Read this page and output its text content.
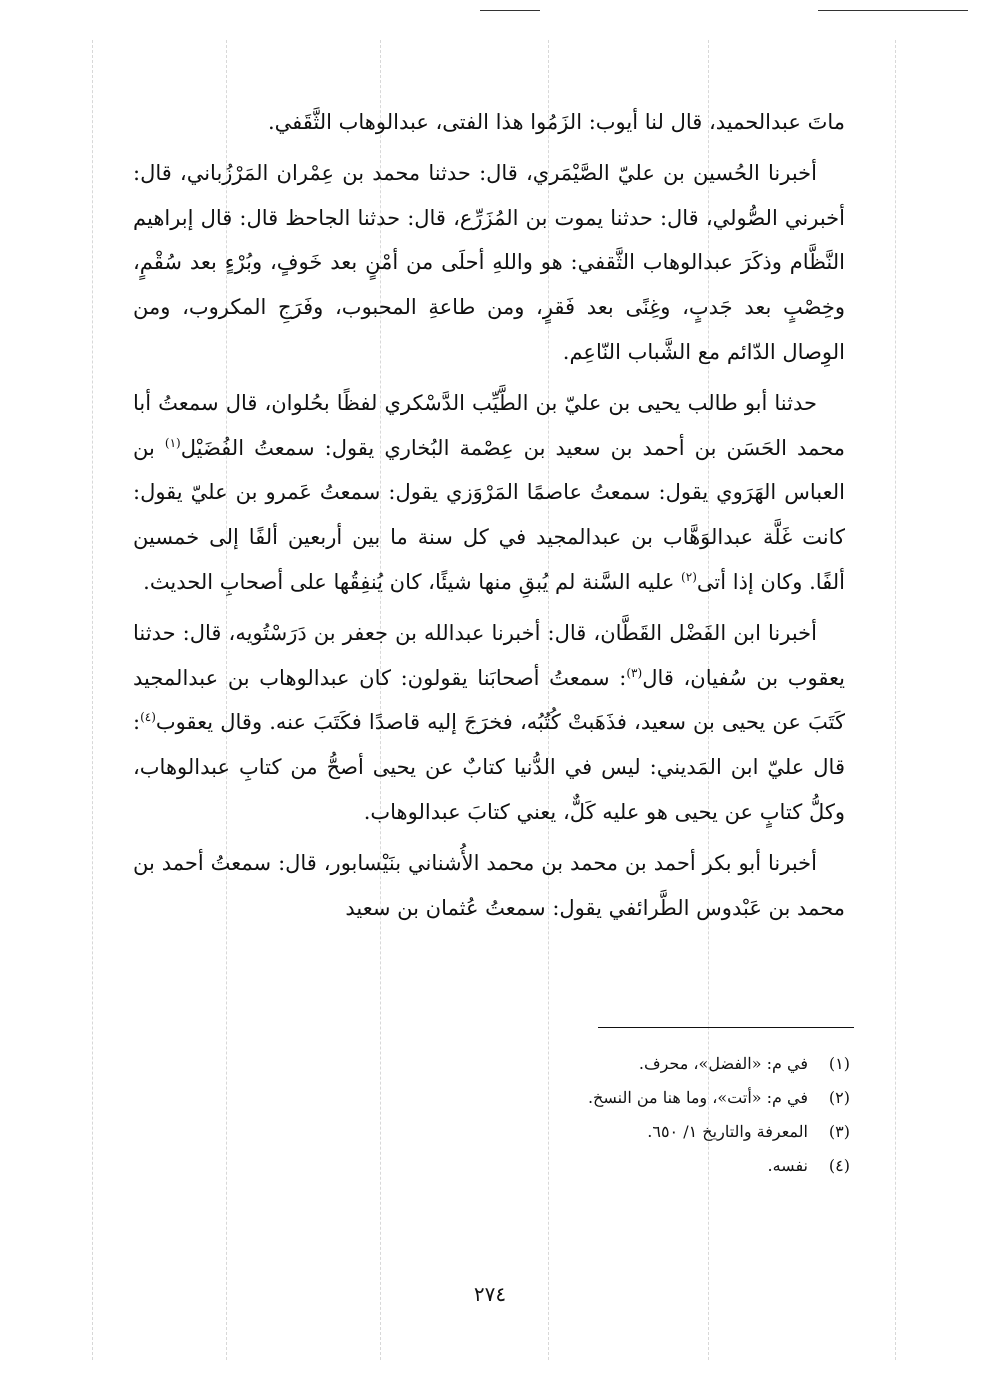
ماتَ عبدالحميد، قال لنا أيوب: الزَمُوا هذا الفتى، عبدالوهاب الثَّقَفي.

أخبرنا الحُسين بن عليّ الصَّيْمَري، قال: حدثنا محمد بن عِمْران المَرْزُباني، قال: أخبرني الصُّولي، قال: حدثنا يموت بن المُزَرِّع، قال: حدثنا الجاحظ قال: قال إبراهيم النَّظَّام وذكَرَ عبدالوهاب الثَّقفي: هو واللهِ أحلَى من أمْنٍ بعد خَوفٍ، وبُرْءٍ بعد سُقْمٍ، وخِصْبٍ بعد جَدبٍ، وغِنًى بعد فَقرٍ، ومن طاعةِ المحبوب، وفَرَجِ المكروب، ومن الوِصال الدّائم مع الشَّباب النّاعِم.

حدثنا أبو طالب يحيى بن عليّ بن الطَّيِّب الدَّسْكري لفظًا بحُلوان، قال سمعتُ أبا محمد الحَسَن بن أحمد بن سعيد بن عِصْمة البُخاري يقول: سمعتُ الفُضَيْل$^{(١)}$ بن العباس الهَرَوي يقول: سمعتُ عاصمًا المَرْوَزي يقول: سمعتُ عَمرو بن عليّ يقول: كانت غَلَّة عبدالوَهَّاب بن عبدالمجيد في كل سنة ما بين أربعين ألفًا إلى خمسين ألفًا. وكان إذا أتى$^{(٢)}$ عليه السَّنة لم يُبقِ منها شيئًا، كان يُنفِقُها على أصحابِ الحديث.

أخبرنا ابن الفَضْل القَطَّان، قال: أخبرنا عبدالله بن جعفر بن دَرَسْتُويه، قال: حدثنا يعقوب بن سُفيان، قال$^{(٣)}$: سمعتُ أصحابَنا يقولون: كان عبدالوهاب بن عبدالمجيد كَتَبَ عن يحيى بن سعيد، فذَهَبتْ كُتُبُه، فخرَجَ إليه قاصدًا فكَتَبَ عنه. وقال يعقوب$^{(٤)}$: قال عليّ ابن المَديني: ليس في الدُّنيا كتابٌ عن يحيى أصحُّ من كتابِ عبدالوهاب، وكلُّ كتابٍ عن يحيى هو عليه كَلٌّ، يعني كتابَ عبدالوهاب.

أخبرنا أبو بكر أحمد بن محمد بن محمد الأُشناني بنَيْسابور، قال: سمعتُ أحمد بن محمد بن عَبْدوس الطَّرائفي يقول: سمعتُ عُثمان بن سعيد

(١)
في م: «الفضل»، محرف.
(٢)
في م: «أتت»، وما هنا من النسخ.
(٣)
المعرفة والتاريخ ١/ ٦٥٠.
(٤)
نفسه.
٢٧٤
